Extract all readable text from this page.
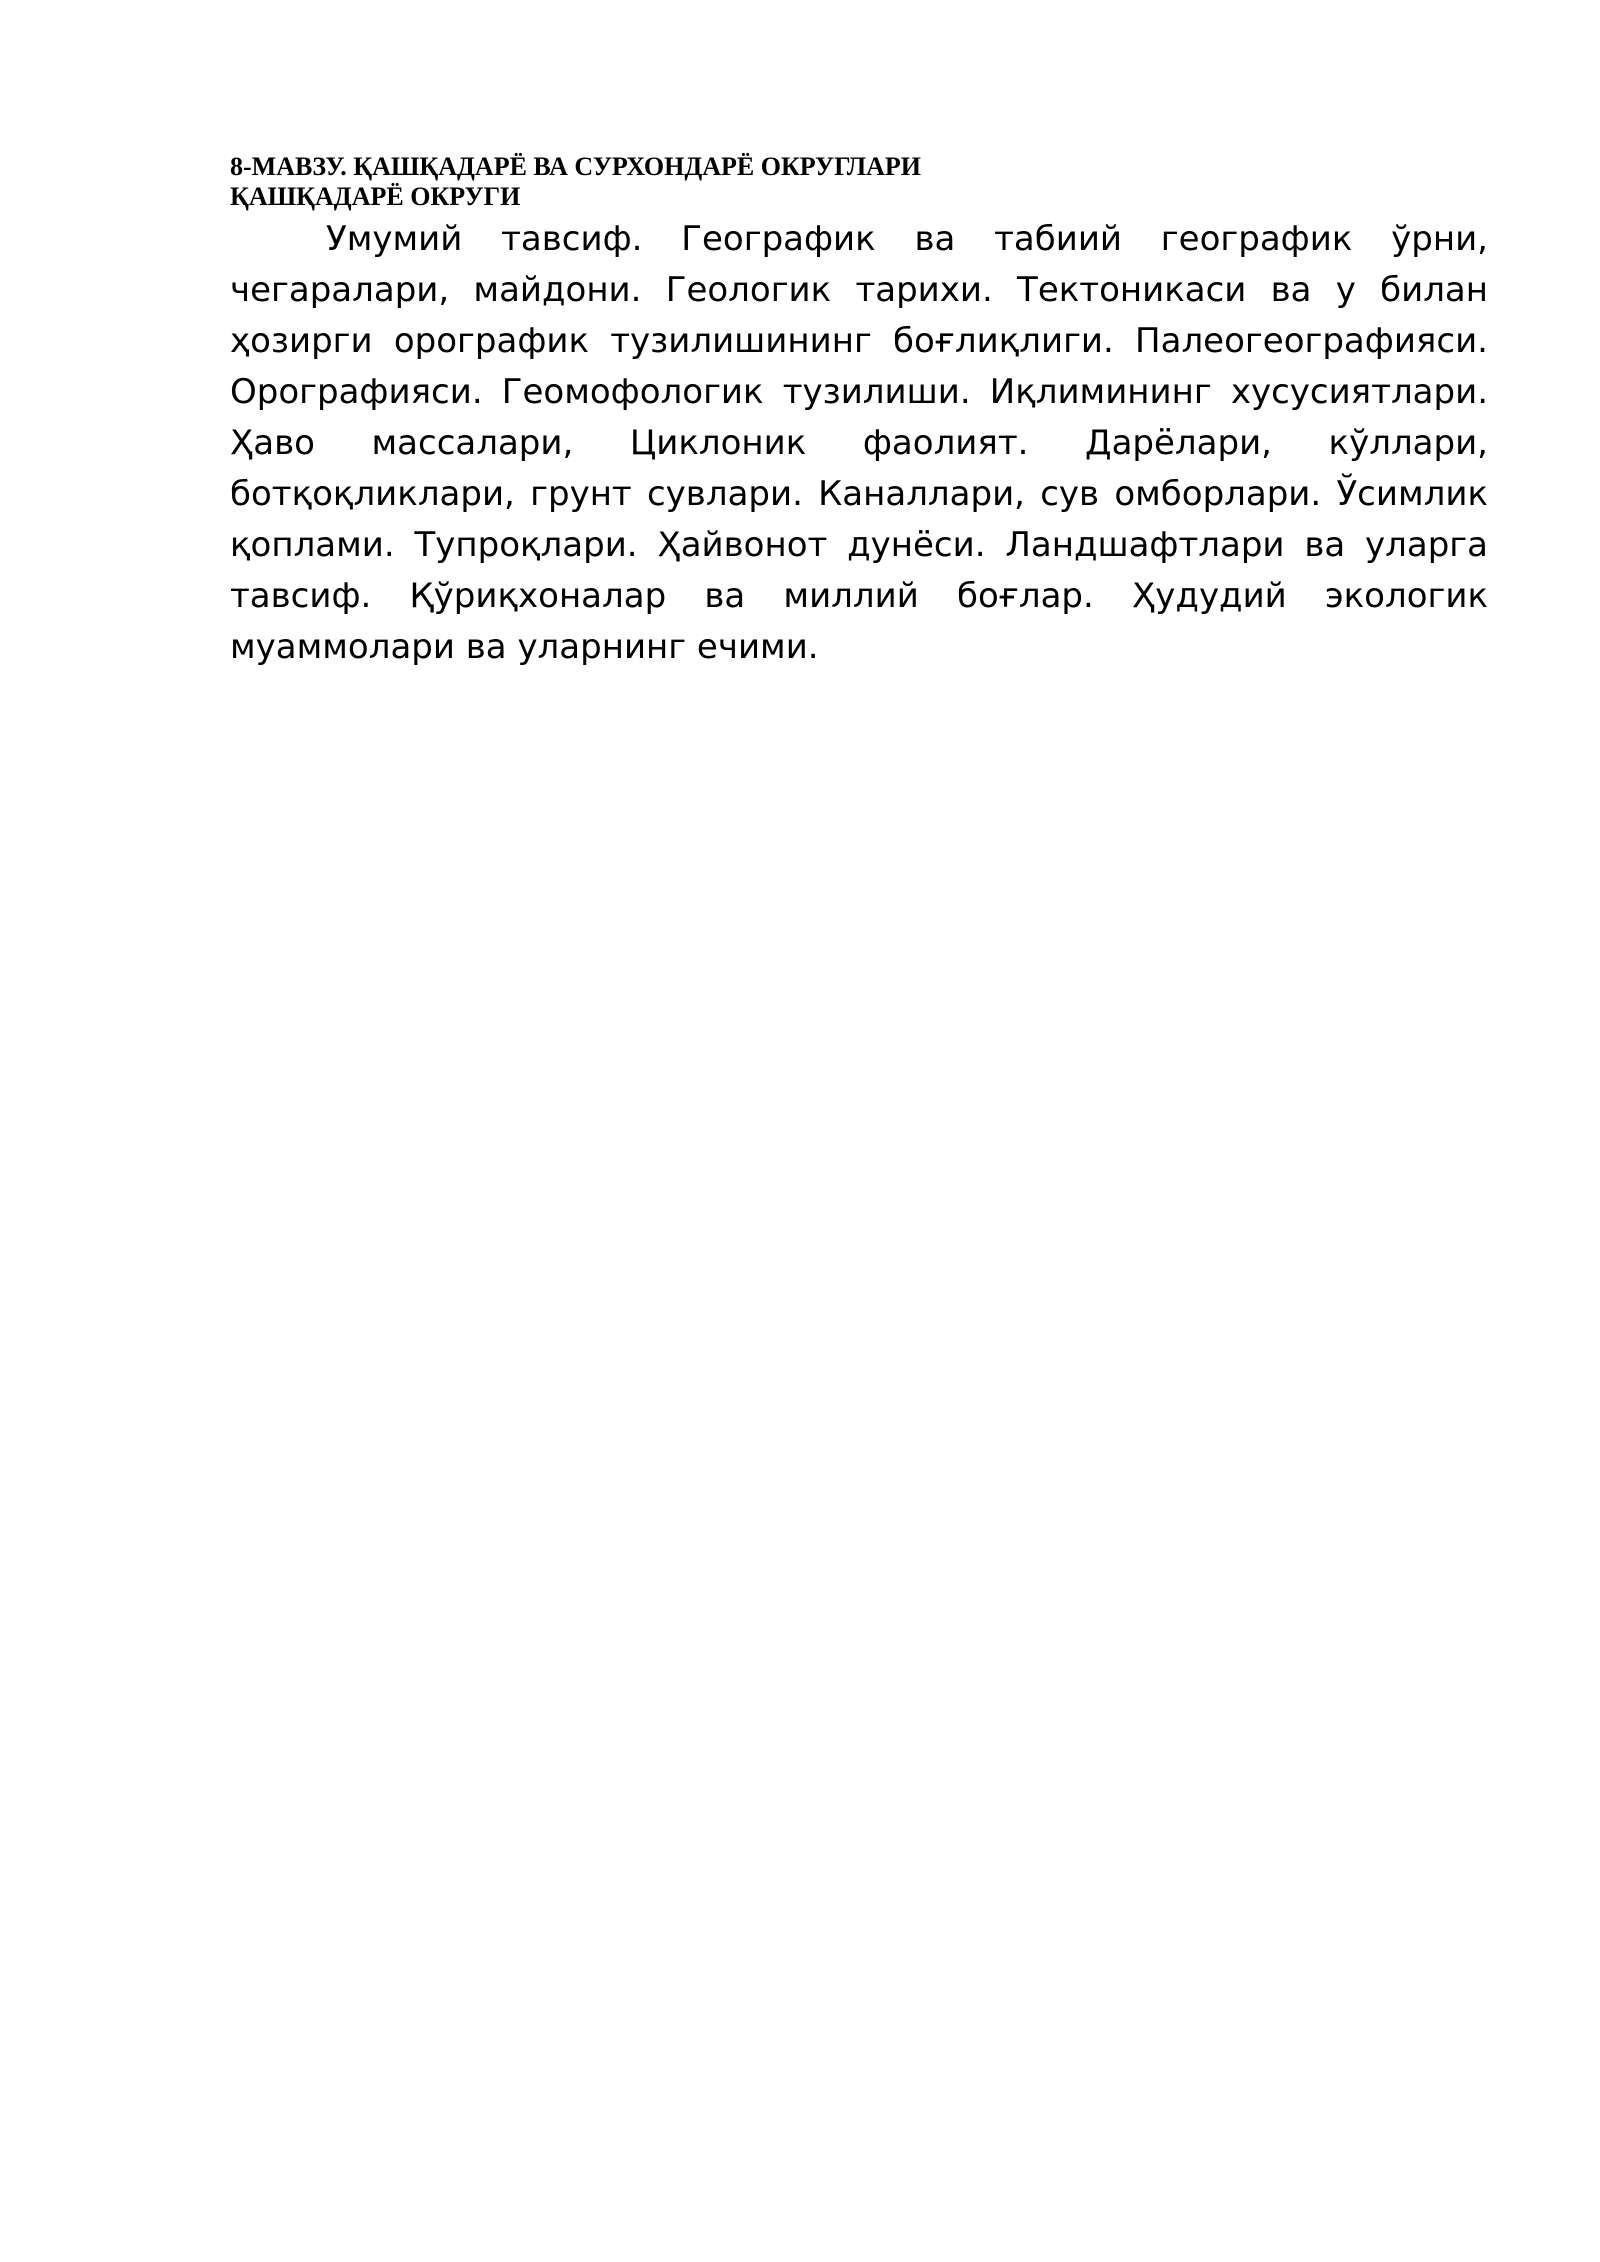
8-МАВЗУ. ҚАШҚАДАРЁ ВА СУРХОНДАРЁ ОКРУГЛАРИ
ҚАШҚАДАРЁ ОКРУГИ

Умумий тавсиф. Географик ва табиий географик ўрни, чегаралари, майдони. Геологик тарихи. Тектоникаси ва у билан ҳозирги орографик тузилишининг боғлиқлиги. Палеогеографияси. Орографияси. Геомофологик тузилиши. Иқлимининг хусусиятлари. Ҳаво массалари, Циклоник фаолият. Дарёлари, кўллари, ботқоқликлари, грунт сувлари. Каналлари, сув омборлари. Ўсимлик қоплами. Тупроқлари. Ҳайвонот дунёси. Ландшафтлари ва уларга тавсиф. Қўриқхоналар ва миллий боғлар. Ҳудудий экологик муаммолари ва уларнинг ечими.
